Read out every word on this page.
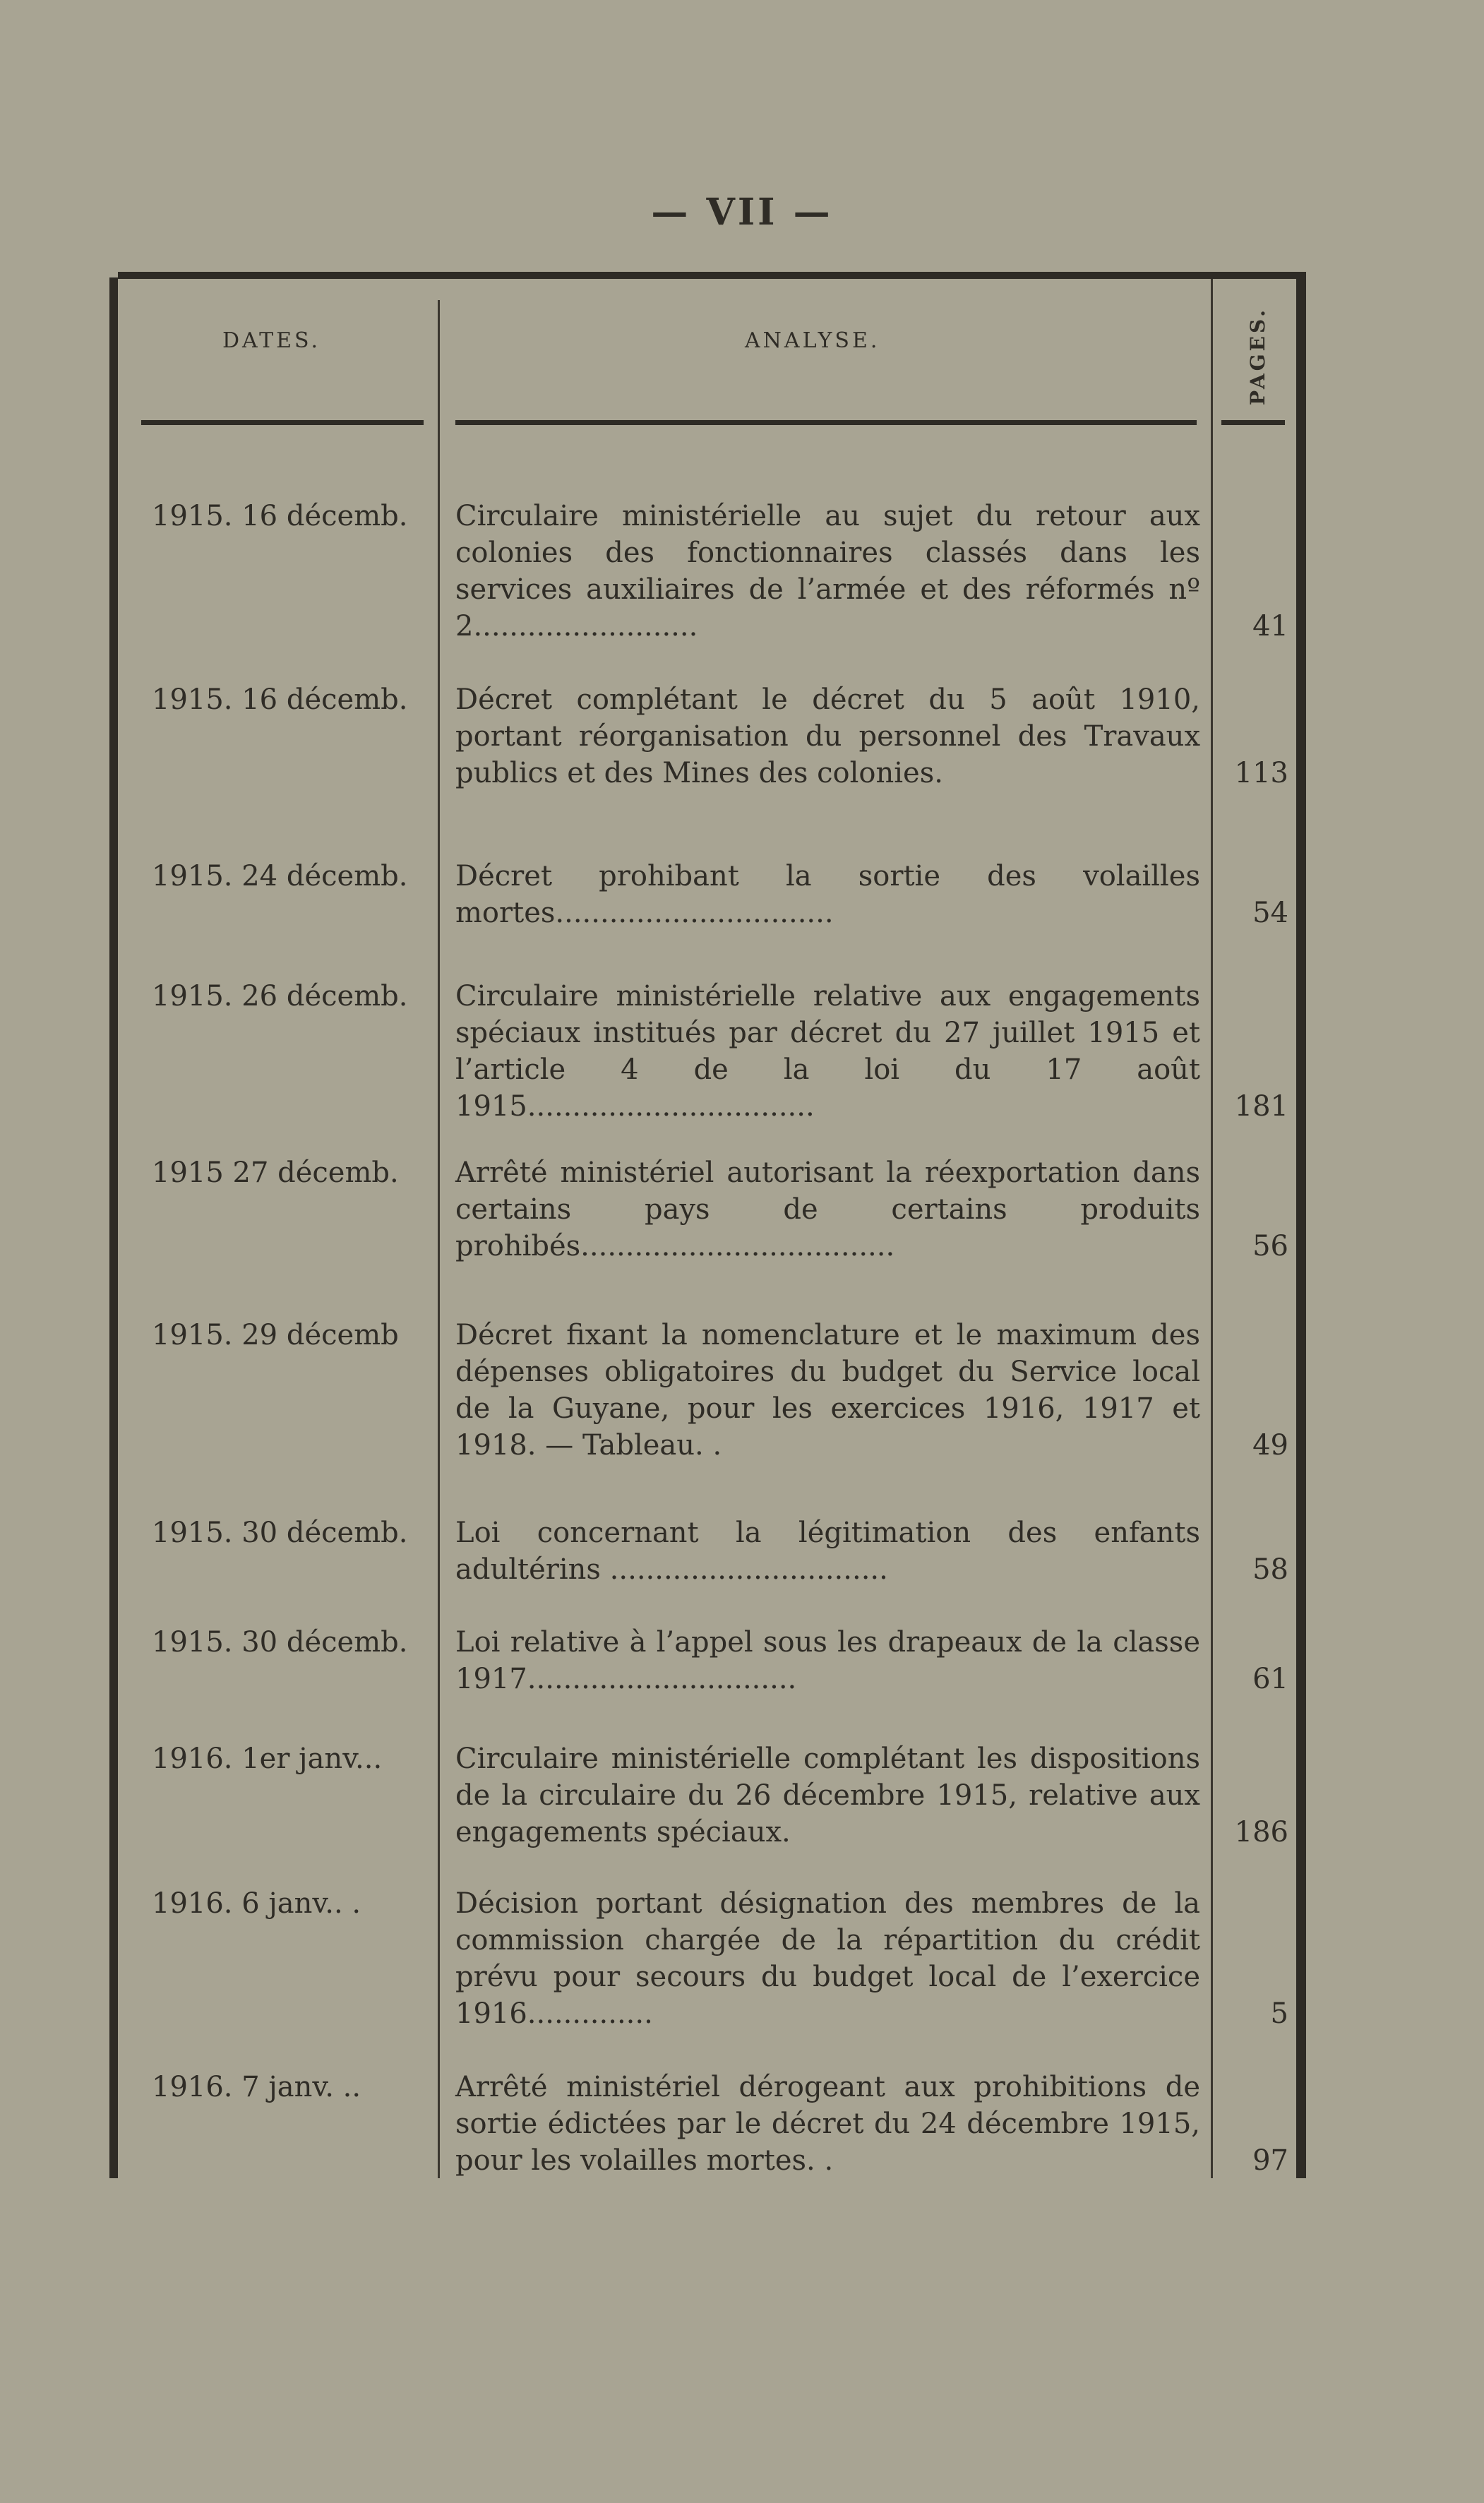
— VII —
DATES.	ANALYSE.	PAGES.
1915. 16 décemb.	Circulaire ministérielle au sujet du retour aux colonies des fonctionnaires classés dans les services auxiliaires de l’armée et des réformés nº 2.........................	41
1915. 16 décemb.	Décret complétant le décret du 5 août 1910, portant réorganisation du personnel des Travaux publics et des Mines des colonies.	113
1915. 24 décemb.	Décret prohibant la sortie des volailles mortes...............................	54
1915. 26 décemb.	Circulaire ministérielle relative aux engagements spéciaux institués par décret du 27 juillet 1915 et l’article 4 de la loi du 17 août 1915................................	181
1915 27 décemb.	Arrêté ministériel autorisant la réexportation dans certains pays de certains produits prohibés...................................	56
1915. 29 décemb	Décret fixant la nomenclature et le maximum des dépenses obligatoires du budget du Service local de la Guyane, pour les exercices 1916, 1917 et 1918. — Tableau. .	49
1915. 30 décemb.	Loi concernant la légitimation des enfants adultérins ...............................	58
1915. 30 décemb.	Loi relative à l’appel sous les drapeaux de la classe 1917..............................	61
1916. 1er janv...	Circulaire ministérielle complétant les dispositions de la circulaire du 26 décembre 1915, relative aux engagements spéciaux.	186
1916. 6 janv.. .	Décision portant désignation des membres de la commission chargée de la répartition du crédit prévu pour secours du budget local de l’exercice 1916..............	5
1916. 7 janv. ..	Arrêté ministériel dérogeant aux prohibitions de sortie édictées par le décret du 24 décembre 1915, pour les volailles mortes. .	97
